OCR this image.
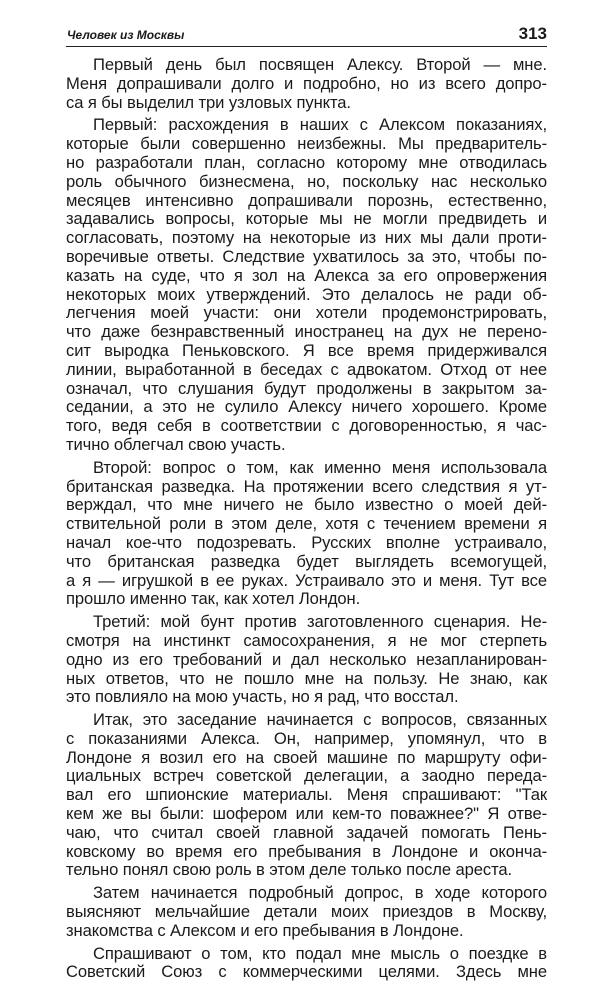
Человек из Москвы	313
Первый день был посвящен Алексу. Второй — мне.
Меня допрашивали долго и подробно, но из всего допро-
са я бы выделил три узловых пункта.
Первый: расхождения в наших с Алексом показаниях,
которые были совершенно неизбежны. Мы предваритель-
но разработали план, согласно которому мне отводилась
роль обычного бизнесмена, но, поскольку нас несколько
месяцев интенсивно допрашивали порознь, естественно,
задавались вопросы, которые мы не могли предвидеть и
согласовать, поэтому на некоторые из них мы дали проти-
воречивые ответы. Следствие ухватилось за это, чтобы по-
казать на суде, что я зол на Алекса за его опровержения
некоторых моих утверждений. Это делалось не ради об-
легчения моей участи: они хотели продемонстрировать,
что даже безнравственный иностранец на дух не перено-
сит выродка Пеньковского. Я все время придерживался
линии, выработанной в беседах с адвокатом. Отход от нее
означал, что слушания будут продолжены в закрытом за-
седании, а это не сулило Алексу ничего хорошего. Кроме
того, ведя себя в соответствии с договоренностью, я час-
тично облегчал свою участь.
Второй: вопрос о том, как именно меня использовала
британская разведка. На протяжении всего следствия я ут-
верждал, что мне ничего не было известно о моей дей-
ствительной роли в этом деле, хотя с течением времени я
начал кое-что подозревать. Русских вполне устраивало,
что британская разведка будет выглядеть всемогущей,
а я — игрушкой в ее руках. Устраивало это и меня. Тут все
прошло именно так, как хотел Лондон.
Третий: мой бунт против заготовленного сценария. Не-
смотря на инстинкт самосохранения, я не мог стерпеть
одно из его требований и дал несколько незапланирован-
ных ответов, что не пошло мне на пользу. Не знаю, как
это повлияло на мою участь, но я рад, что восстал.
Итак, это заседание начинается с вопросов, связанных
с показаниями Алекса. Он, например, упомянул, что в
Лондоне я возил его на своей машине по маршруту офи-
циальных встреч советской делегации, а заодно переда-
вал его шпионские материалы. Меня спрашивают: "Так
кем же вы были: шофером или кем-то поважнее?" Я отве-
чаю, что считал своей главной задачей помогать Пень-
ковскому во время его пребывания в Лондоне и оконча-
тельно понял свою роль в этом деле только после ареста.
Затем начинается подробный допрос, в ходе которого
выясняют мельчайшие детали моих приездов в Москву,
знакомства с Алексом и его пребывания в Лондоне.
Спрашивают о том, кто подал мне мысль о поездке в
Советский Союз с коммерческими целями. Здесь мне
